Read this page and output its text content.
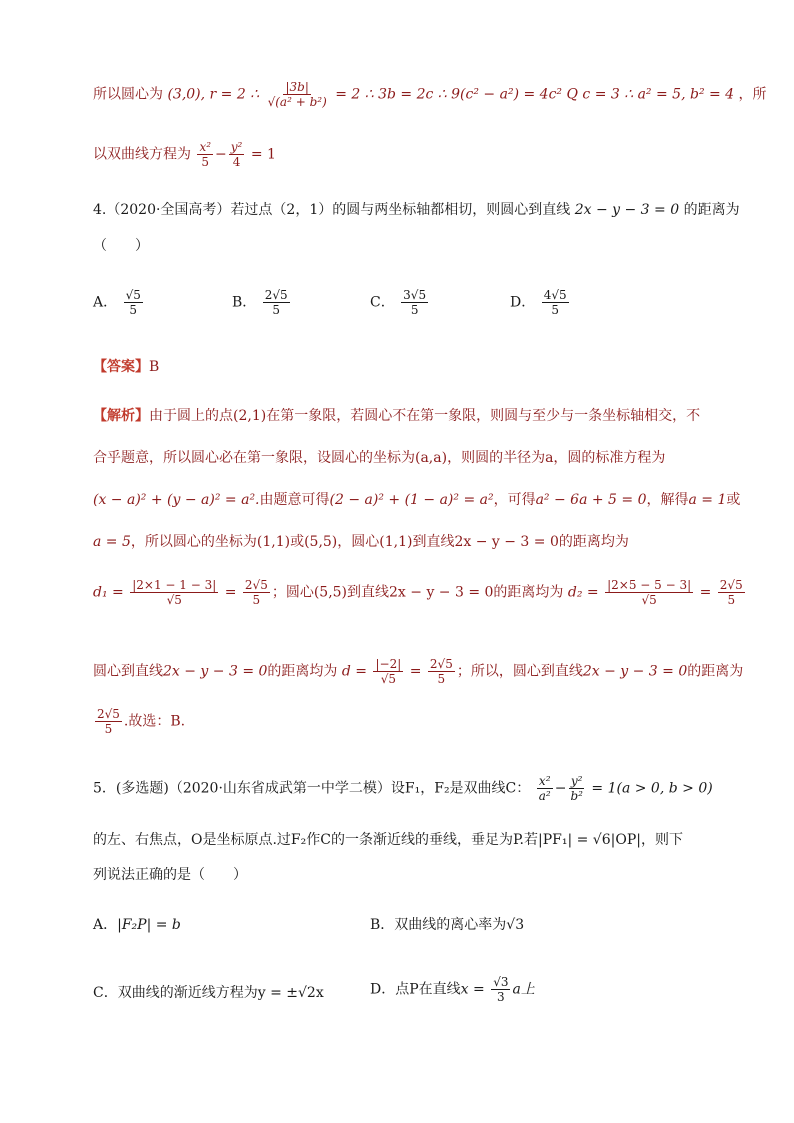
所以圆心为 (3,0), r = 2 ∴ $\frac{|3b|}{\text{√(a² + b²)}} = 2$ ∴ 3b = 2c ∴ 9(c² − a²) = 4c² Q c = 3 ∴ a² = 5, b² = 4 ，所
以双曲线方程为 $\frac{\text{x²}}{5} - \frac{\text{y²}}{4} = 1$
4.（2020·全国高考）若过点（2，1）的圆与两坐标轴都相切，则圆心到直线 2x − y − 3 = 0 的距离为
（　　）
A． $\frac{√5}{5}$	B． $\frac{2√5}{5}$	C． $\frac{3√5}{5}$	D． $\frac{4√5}{5}$
【答案】B
【解析】由于圆上的点(2,1)在第一象限，若圆心不在第一象限，则圆与至少与一条坐标轴相交，不
合乎题意，所以圆心必在第一象限，设圆心的坐标为(a,a)，则圆的半径为a，圆的标准方程为
(x − a)² + (y − a)² = a².由题意可得(2 − a)² + (1 − a)² = a²，可得a² − 6a + 5 = 0，解得a = 1或
a = 5，所以圆心的坐标为(1,1)或(5,5)，圆心(1,1)到直线2x − y − 3 = 0的距离均为
$d_1 = \frac{|2\times 1 - 1 - 3|}{√5} = \frac{2√5}{5}$ ；圆心(5,5)到直线2x − y − 3 = 0的距离均为 $d_2 = \frac{|2\times 5 - 5 - 3|}{√5} = \frac{2√5}{5}$
圆心到直线2x − y − 3 = 0的距离均为 $d = \frac{|-2|}{√5} = \frac{2√5}{5}$ ；所以，圆心到直线2x − y − 3 = 0的距离为
$\frac{2√5}{5}$ .故选：B.
5．(多选题)（2020·山东省成武第一中学二模）设F₁，F₂是双曲线C： $\frac{\text{x²}}{\text{a²}} - \frac{\text{y²}}{\text{b²}} = 1(a > 0$, b > 0)
的左、右焦点，O是坐标原点.过F₂作C的一条渐近线的垂线，垂足为P.若|PF₁| = √6|OP|，则下
列说法正确的是（　　）
A．|F₂P| = b	B．双曲线的离心率为√3
C．双曲线的渐近线方程为y = ±√2x	D．点P在直线$x = \frac{√3}{3}$ a上
